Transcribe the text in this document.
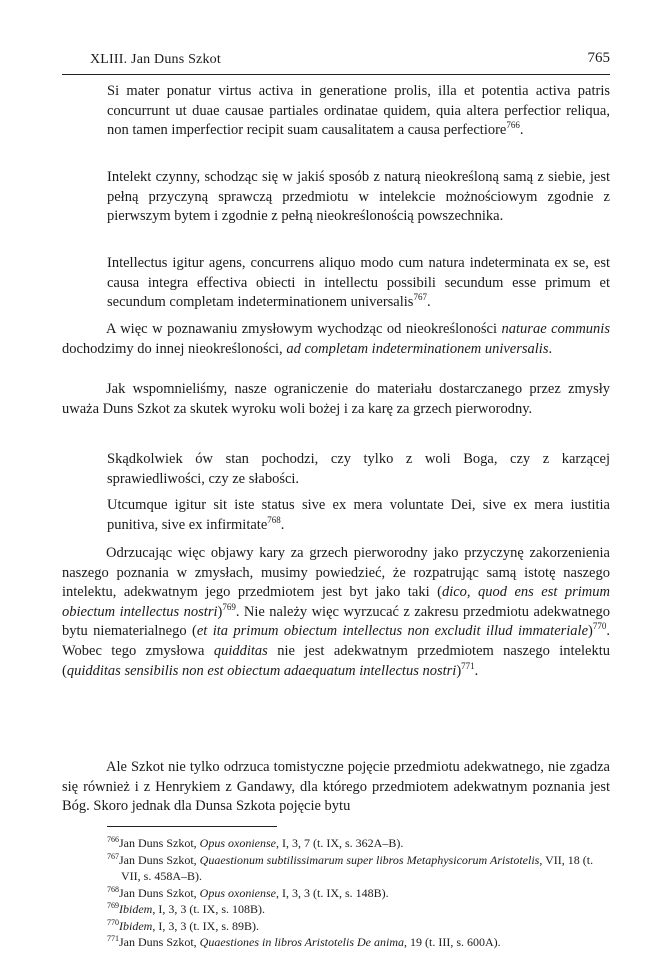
XLIII. Jan Duns Szkot	765

Si mater ponatur virtus activa in generatione prolis, illa et potentia activa patris concurrunt ut duae causae partiales ordinatae quidem, quia altera perfectior reliqua, non tamen imperfectior recipit suam causalitatem a causa perfectiore$^{766}$.

Intelekt czynny, schodząc się w jakiś sposób z naturą nieokreśloną samą z siebie, jest pełną przyczyną sprawczą przedmiotu w intelekcie możnościowym zgodnie z pierwszym bytem i zgodnie z pełną nieokreślonością powszechnika.

Intellectus igitur agens, concurrens aliquo modo cum natura indeterminata ex se, est causa integra effectiva obiecti in intellectu possibili secundum esse primum et secundum completam indeterminationem universalis$^{767}$.

A więc w poznawaniu zmysłowym wychodząc od nieokreśloności naturae communis dochodzimy do innej nieokreśloności, ad completam indeterminationem universalis.

Jak wspomnieliśmy, nasze ograniczenie do materiału dostarczanego przez zmysły uważa Duns Szkot za skutek wyroku woli bożej i za karę za grzech pierworodny.

Skądkolwiek ów stan pochodzi, czy tylko z woli Boga, czy z karzącej sprawiedliwości, czy ze słabości.

Utcumque igitur sit iste status sive ex mera voluntate Dei, sive ex mera iustitia punitiva, sive ex infirmitate$^{768}$.

Odrzucając więc objawy kary za grzech pierworodny jako przyczynę zakorzenienia naszego poznania w zmysłach, musimy powiedzieć, że rozpatrując samą istotę naszego intelektu, adekwatnym jego przedmiotem jest byt jako taki (dico, quod ens est primum obiectum intellectus nostri)$^{769}$. Nie należy więc wyrzucać z zakresu przedmiotu adekwatnego bytu niematerialnego (et ita primum obiectum intellectus non excludit illud immateriale)$^{770}$. Wobec tego zmysłowa quidditas nie jest adekwatnym przedmiotem naszego intelektu (quidditas sensibilis non est obiectum adaequatum intellectus nostri)$^{771}$.

Ale Szkot nie tylko odrzuca tomistyczne pojęcie przedmiotu adekwatnego, nie zgadza się również i z Henrykiem z Gandawy, dla którego przedmiotem adekwatnym poznania jest Bóg. Skoro jednak dla Dunsa Szkota pojęcie bytu

$^{766}$Jan Duns Szkot, Opus oxoniense, I, 3, 7 (t. IX, s. 362A–B).
$^{767}$Jan Duns Szkot, Quaestionum subtilissimarum super libros Metaphysicorum Aristotelis, VII, 18 (t. VII, s. 458A–B).
$^{768}$Jan Duns Szkot, Opus oxoniense, I, 3, 3 (t. IX, s. 148B).
$^{769}$Ibidem, I, 3, 3 (t. IX, s. 108B).
$^{770}$Ibidem, I, 3, 3 (t. IX, s. 89B).
$^{771}$Jan Duns Szkot, Quaestiones in libros Aristotelis De anima, 19 (t. III, s. 600A).
